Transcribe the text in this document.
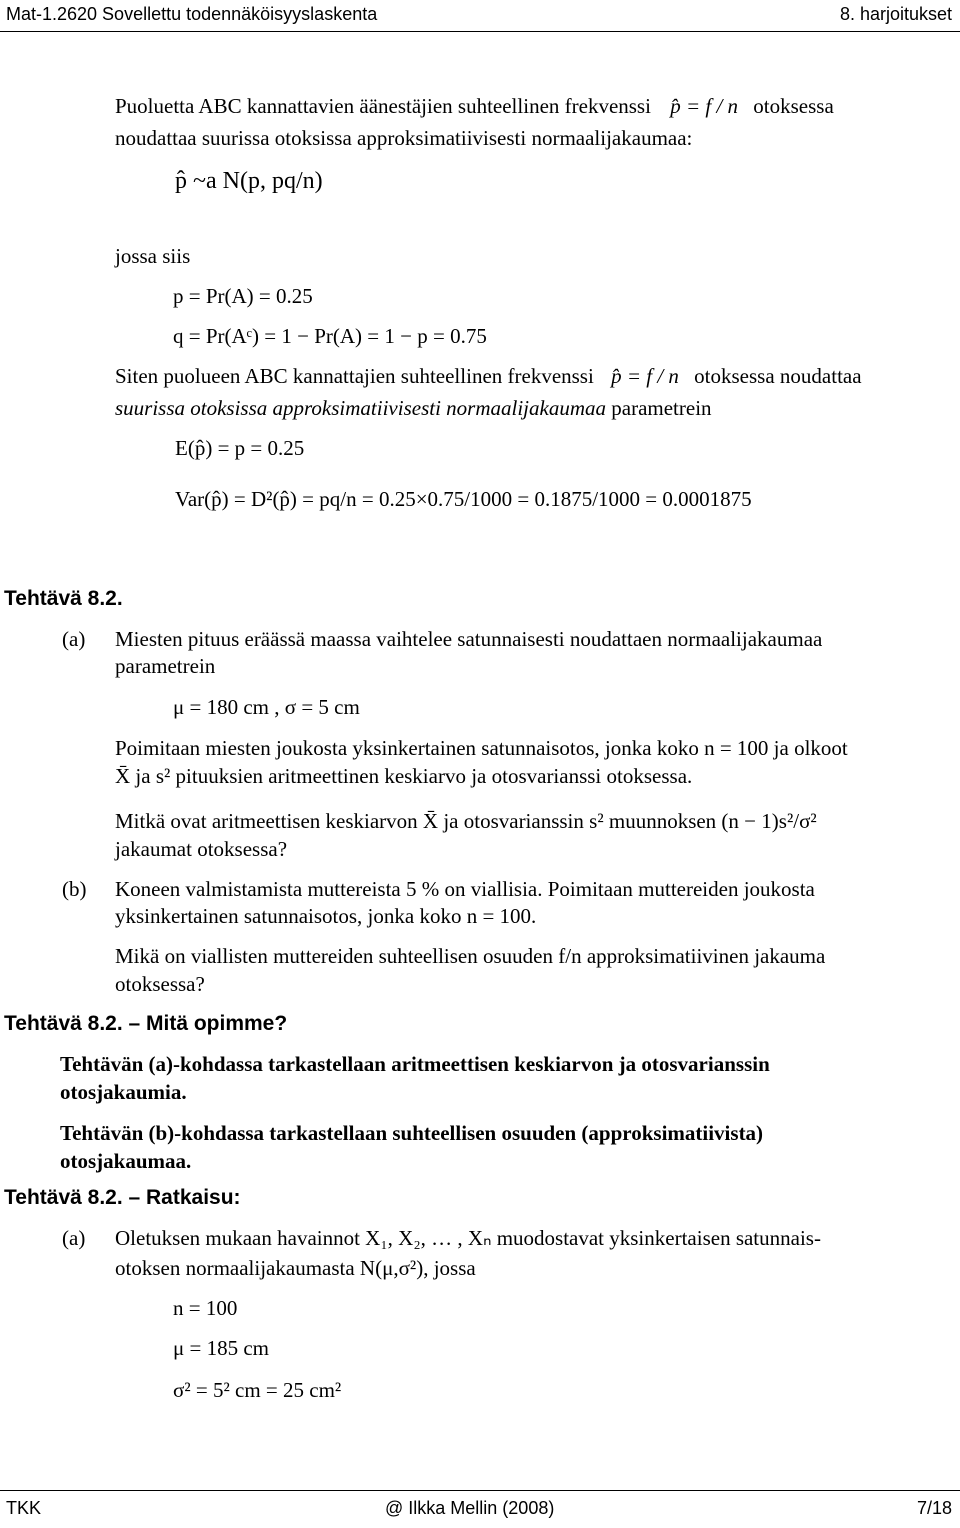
Mat-1.2620 Sovellettu todennäköisyyslaskenta	8. harjoitukset
Puoluetta ABC kannattavien äänestäjien suhteellinen frekvenssi p̂ = f / n otoksessa
noudattaa suurissa otoksissa approksimatiivisesti normaalijakaumaa:
p̂ ~a N(p, pq/n)
jossa siis
p = Pr(A) = 0.25
q = Pr(Aᶜ) = 1 − Pr(A) = 1 − p = 0.75
Siten puolueen ABC kannattajien suhteellinen frekvenssi p̂ = f / n otoksessa noudattaa
suurissa otoksissa approksimatiivisesti normaalijakaumaa parametrein
E(p̂) = p = 0.25
Var(p̂) = D²(p̂) = pq/n = 0.25×0.75/1000 = 0.1875/1000 = 0.0001875
Tehtävä 8.2.
(a) Miesten pituus eräässä maassa vaihtelee satunnaisesti noudattaen normaalijakaumaa
parametrein
μ = 180 cm , σ = 5 cm
Poimitaan miesten joukosta yksinkertainen satunnaisotos, jonka koko n = 100 ja olkoot
X̄ ja s² pituuksien aritmeettinen keskiarvo ja otosvarianssi otoksessa.
Mitkä ovat aritmeettisen keskiarvon X̄ ja otosvarianssin s² muunnoksen (n − 1)s²/σ²
jakaumat otoksessa?
(b) Koneen valmistamista muttereista 5 % on viallisia. Poimitaan muttereiden joukosta
yksinkertainen satunnaisotos, jonka koko n = 100.
Mikä on viallisten muttereiden suhteellisen osuuden f/n approksimatiivinen jakauma
otoksessa?
Tehtävä 8.2. – Mitä opimme?
Tehtävän (a)-kohdassa tarkastellaan aritmeettisen keskiarvon ja otosvarianssin
otosjakaumia.
Tehtävän (b)-kohdassa tarkastellaan suhteellisen osuuden (approksimatiivista)
otosjakaumaa.
Tehtävä 8.2. – Ratkaisu:
(a) Oletuksen mukaan havainnot X₁, X₂, … , Xₙ muodostavat yksinkertaisen satunnais-
otoksen normaalijakaumasta N(μ,σ²), jossa
n = 100
μ = 185 cm
σ² = 5² cm = 25 cm²
TKK	@ Ilkka Mellin (2008)	7/18
